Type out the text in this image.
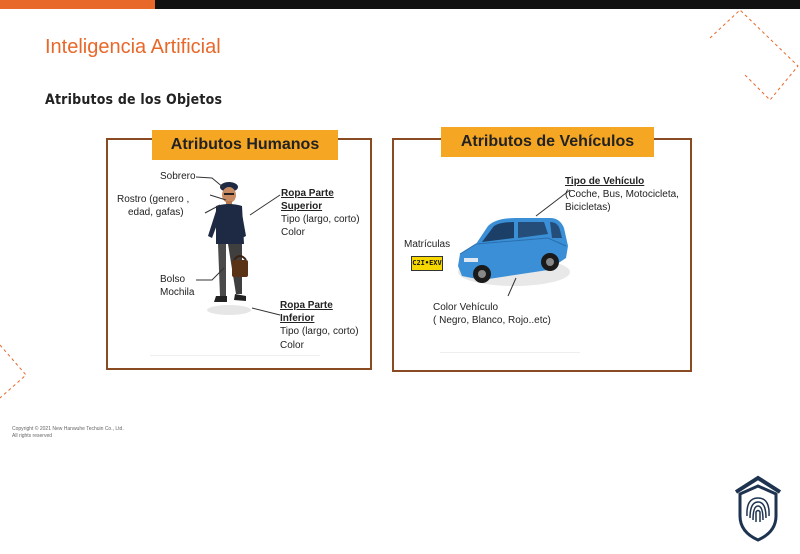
Inteligencia Artificial
Atributos de los Objetos
Atributos Humanos
Sobrero
Rostro (genero ,
edad, gafas)
Ropa Parte
Superior
Tipo (largo, corto)
Color
Bolso
Mochila
Ropa Parte
Inferior
Tipo (largo, corto)
Color
Atributos de Vehículos
C2I•EXV
Tipo de Vehículo
(Coche, Bus, Motocicleta,
Bicicletas)
Matrículas
Color Vehículo
( Negro, Blanco, Rojo..etc)
Copyright © 2021 New Hanwuhe Techuin Co., Ltd.
All rights reserved
